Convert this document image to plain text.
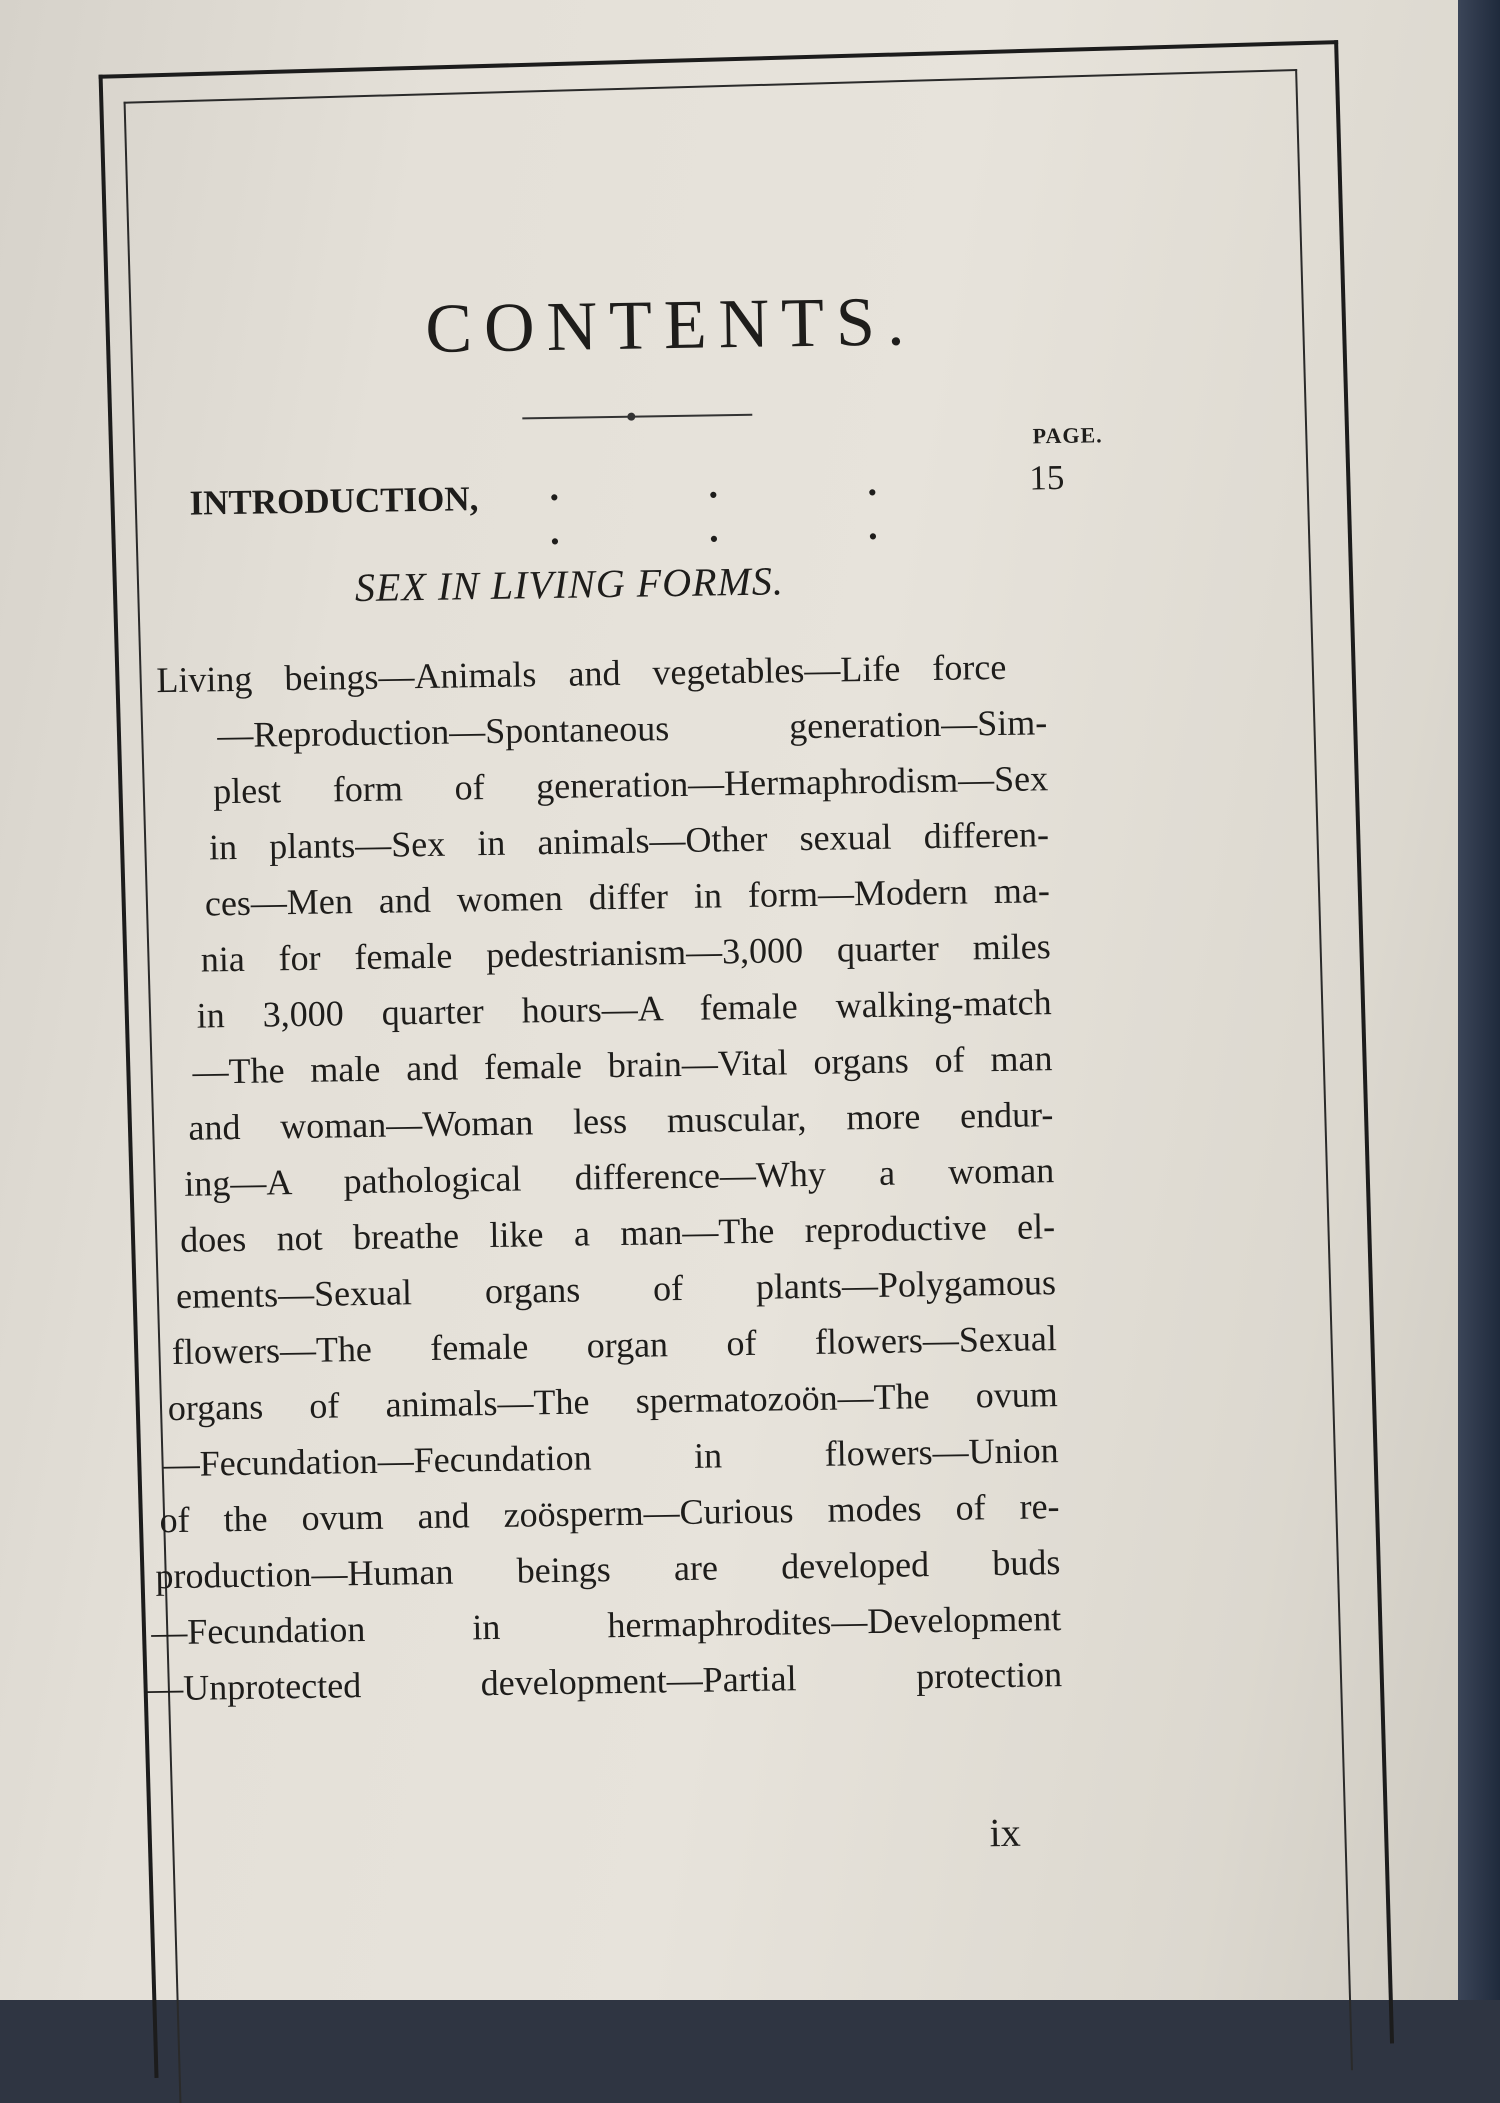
CONTENTS.
PAGE.
INTRODUCTION, . . . . . .
15
SEX IN LIVING FORMS.
Living beings—Animals and vegetables—Life force
—Reproduction—Spontaneous generation—Sim-
plest form of generation—Hermaphrodism—Sex
in plants—Sex in animals—Other sexual differen-
ces—Men and women differ in form—Modern ma-
nia for female pedestrianism—3,000 quarter miles
in 3,000 quarter hours—A female walking-match
—The male and female brain—Vital organs of man
and woman—Woman less muscular, more endur-
ing—A pathological difference—Why a woman
does not breathe like a man—The reproductive el-
ements—Sexual organs of plants—Polygamous
flowers—The female organ of flowers—Sexual
organs of animals—The spermatozoön—The ovum
—Fecundation—Fecundation in flowers—Union
of the ovum and zoösperm—Curious modes of re-
production—Human beings are developed buds
—Fecundation in hermaphrodites—Development
—Unprotected development—Partial protection
ix
